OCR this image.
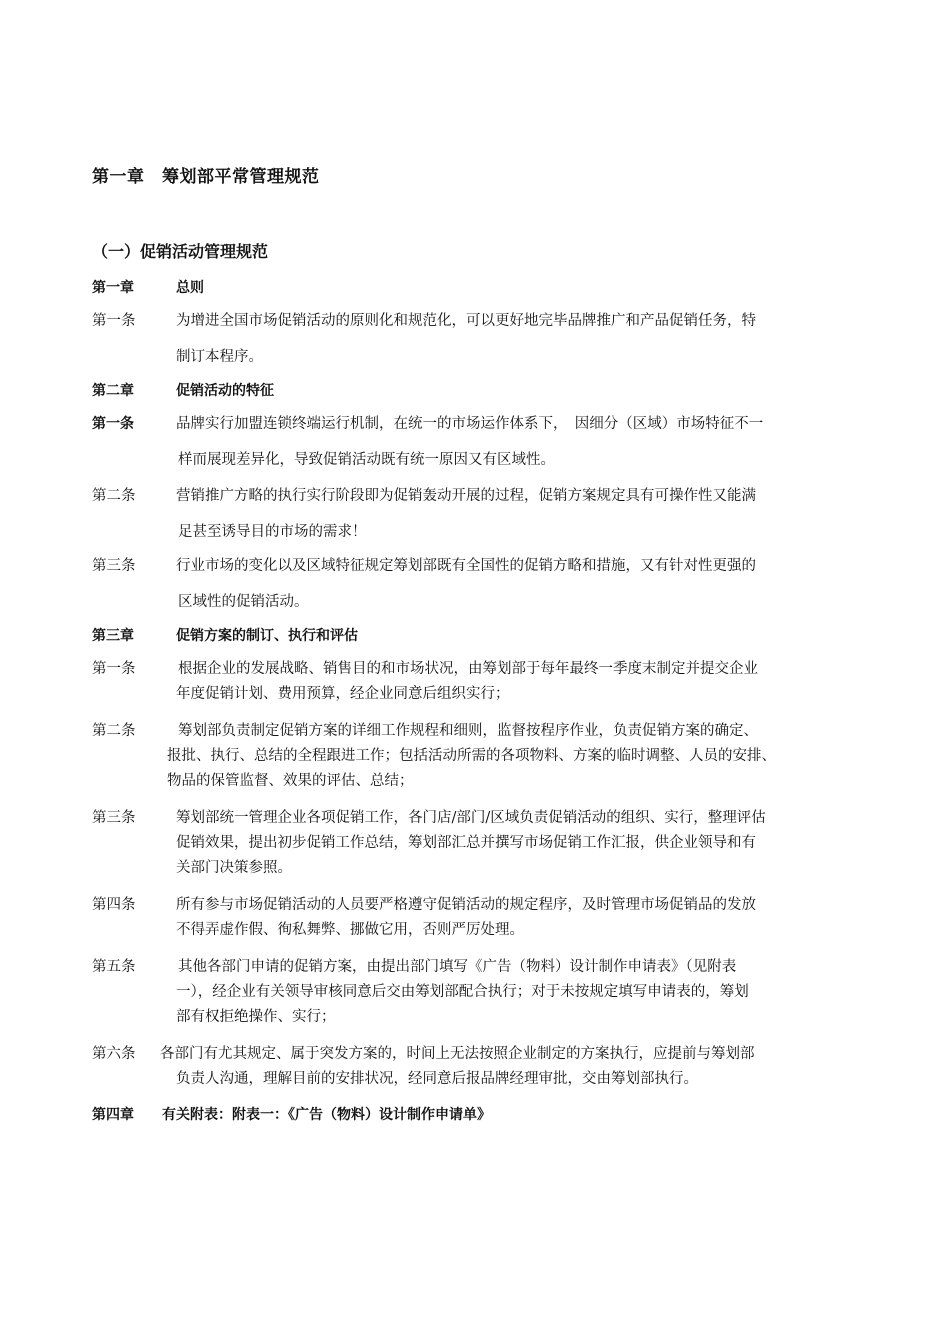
第一章　筹划部平常管理规范
（一）促销活动管理规范
第一章	总则
第一条	为增进全国市场促销活动的原则化和规范化，可以更好地完毕品牌推广和产品促销任务，特
制订本程序。
第二章	促销活动的特征
第一条	品牌实行加盟连锁终端运行机制，在统一的市场运作体系下，　因细分（区域）市场特征不一
样而展现差异化，导致促销活动既有统一原因又有区域性。
第二条	营销推广方略的执行实行阶段即为促销轰动开展的过程，促销方案规定具有可操作性又能满
足甚至诱导目的市场的需求！
第三条	行业市场的变化以及区域特征规定筹划部既有全国性的促销方略和措施，又有针对性更强的
区域性的促销活动。
第三章	促销方案的制订、执行和评估
第一条	根据企业的发展战略、销售目的和市场状况，由筹划部于每年最终一季度末制定并提交企业
年度促销计划、费用预算，经企业同意后组织实行；
第二条	筹划部负责制定促销方案的详细工作规程和细则，监督按程序作业，负责促销方案的确定、
报批、执行、总结的全程跟进工作；包括活动所需的各项物料、方案的临时调整、人员的安排、
物品的保管监督、效果的评估、总结；
第三条	筹划部统一管理企业各项促销工作，各门店/部门/区域负责促销活动的组织、实行，整理评估
促销效果，提出初步促销工作总结，筹划部汇总并撰写市场促销工作汇报，供企业领导和有
关部门决策参照。
第四条	所有参与市场促销活动的人员要严格遵守促销活动的规定程序，及时管理市场促销品的发放
不得弄虚作假、徇私舞弊、挪做它用，否则严厉处理。
第五条	其他各部门申请的促销方案，由提出部门填写《广告（物料）设计制作申请表》（见附表
一），经企业有关领导审核同意后交由筹划部配合执行；对于未按规定填写申请表的，筹划
部有权拒绝操作、实行；
第六条 各部门有尤其规定、属于突发方案的，时间上无法按照企业制定的方案执行，应提前与筹划部
负责人沟通，理解目前的安排状况，经同意后报品牌经理审批，交由筹划部执行。
第四章 有关附表：附表一：《广告（物料）设计制作申请单》
